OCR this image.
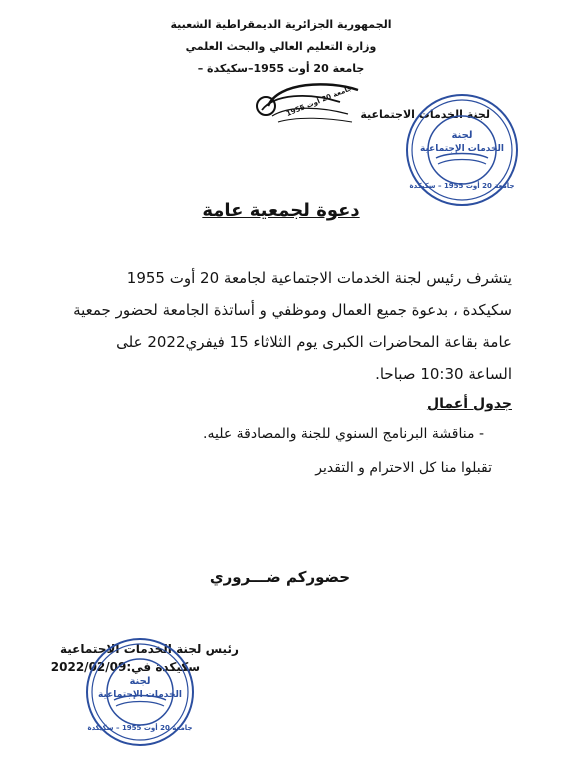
الجمهورية الجزائرية الديمقراطية الشعبية
وزارة التعليم العالي والبحث العلمي
جامعة 20 أوت 1955–سكيكدة –
جامعة 20 أوت 1955
لجنة الخدمات الاجتماعية
لجنة
الخدمات الإجتماعية
جامعة 20 أوت 1955 – سكيكدة
دعوة لجمعية عامة
يتشرف رئيس لجنة الخدمات الاجتماعية لجامعة 20 أوت 1955
سكيكدة ، بدعوة جميع العمال وموظفي و أساتذة الجامعة لحضور جمعية
عامة بقاعة المحاضرات الكبرى يوم الثلاثاء 15 فيفري2022 على
الساعة 10:30 صباحا.
جدول أعمال
- مناقشة البرنامج السنوي للجنة والمصادقة عليه.
تقبلوا منا كل الاحترام و التقدير
حضوركم ضـــروري
رئيس لجنة الخدمات الاجتماعية
سكيكدة في:2022/02/09
لجنة
الخدمات الإجتماعية
جامعة 20 أوت 1955 – سكيكدة
